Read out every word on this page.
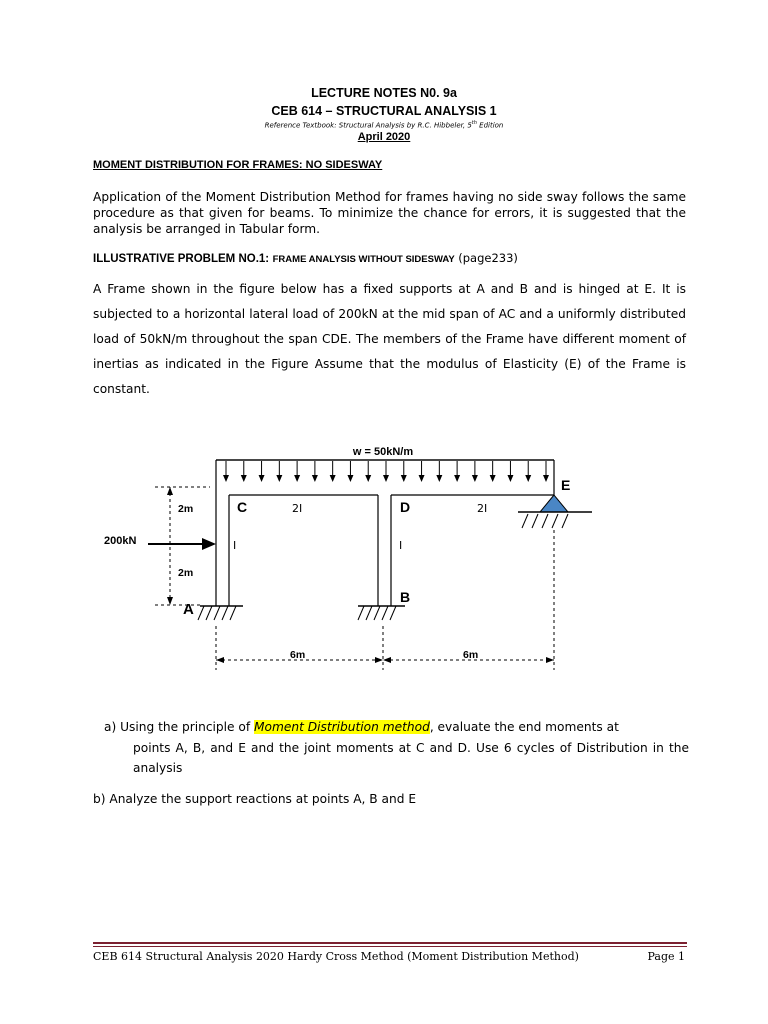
LECTURE NOTES N0. 9a
CEB 614 – STRUCTURAL ANALYSIS 1
Reference Textbook: Structural Analysis by R.C. Hibbeler, 5th Edition
April 2020
MOMENT DISTRIBUTION FOR FRAMES: NO SIDESWAY
Application of the Moment Distribution Method for frames having no side sway follows the same procedure as that given for beams. To minimize the chance for errors, it is suggested that the analysis be arranged in Tabular form.
ILLUSTRATIVE PROBLEM NO.1: FRAME ANALYSIS WITHOUT SIDESWAY (page233)
A Frame shown in the figure below has a fixed supports at A and B and is hinged at E. It is subjected to a horizontal lateral load of 200kN at the mid span of AC and a uniformly distributed load of 50kN/m throughout the span CDE. The members of the Frame have different moment of inertias as indicated in the Figure Assume that the modulus of Elasticity (E) of the Frame is constant.
w = 50kN/m
200kN
2m
2m
6m	6m
A
B
C	D
E
2I	2I
I	I
a) Using the principle of Moment Distribution method, evaluate the end moments at
points A, B, and E and the joint moments at C and D. Use 6 cycles of Distribution in the analysis
b) Analyze the support reactions at points A, B and E
CEB 614 Structural Analysis 2020 Hardy Cross Method (Moment Distribution Method)	Page 1
